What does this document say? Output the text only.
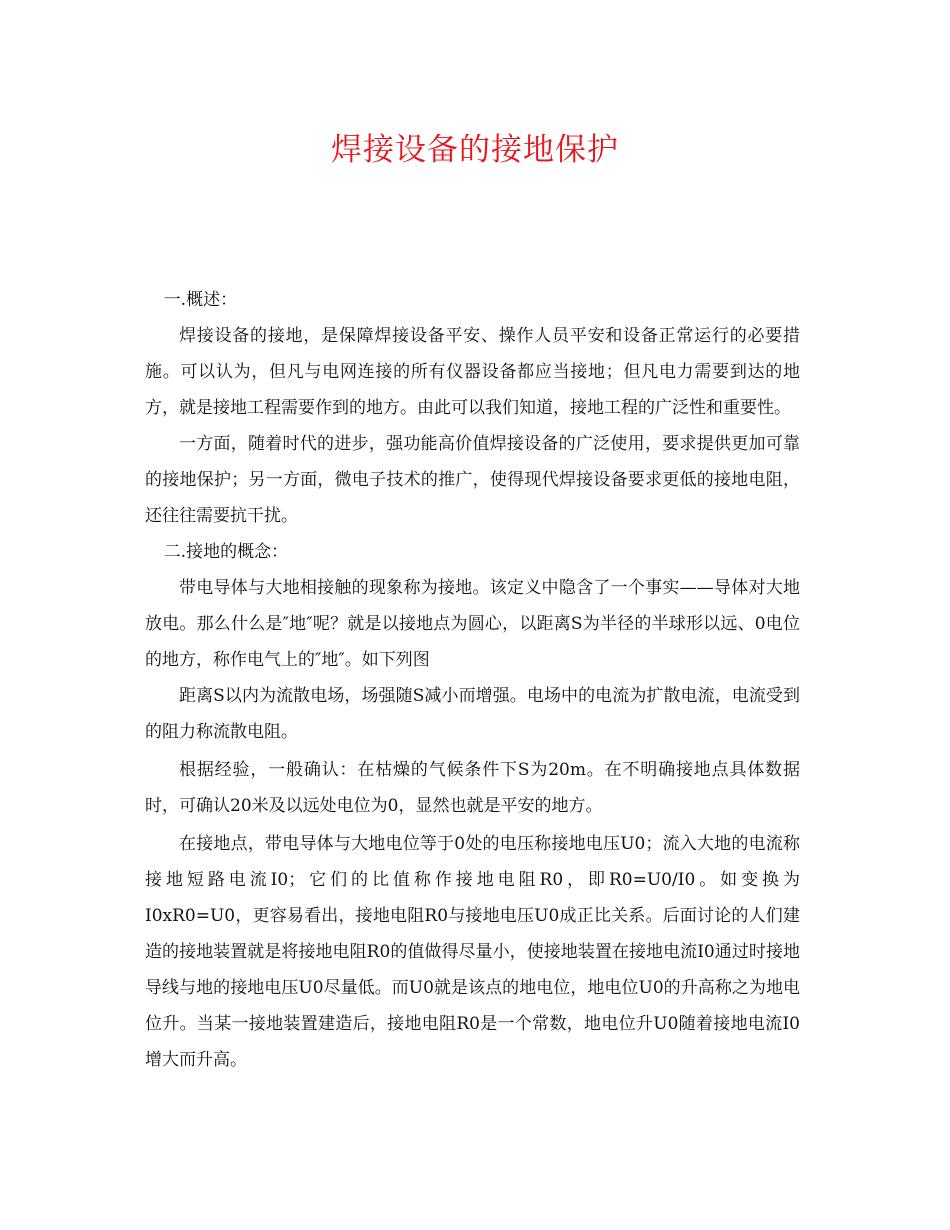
焊接设备的接地保护

一.概述：

焊接设备的接地，是保障焊接设备平安、操作人员平安和设备正常运行的必要措施。可以认为，但凡与电网连接的所有仪器设备都应当接地；但凡电力需要到达的地方，就是接地工程需要作到的地方。由此可以我们知道，接地工程的广泛性和重要性。

一方面，随着时代的进步，强功能高价值焊接设备的广泛使用，要求提供更加可靠的接地保护；另一方面，微电子技术的推广，使得现代焊接设备要求更低的接地电阻，还往往需要抗干扰。

二.接地的概念：

带电导体与大地相接触的现象称为接地。该定义中隐含了一个事实——导体对大地放电。那么什么是″地″呢？就是以接地点为圆心，以距离S为半径的半球形以远、0电位的地方，称作电气上的″地″。如下列图

距离S以内为流散电场，场强随S减小而增强。电场中的电流为扩散电流，电流受到的阻力称流散电阻。

根据经验，一般确认：在枯燥的气候条件下S为20m。在不明确接地点具体数据时，可确认20米及以远处电位为0，显然也就是平安的地方。

在接地点，带电导体与大地电位等于0处的电压称接地电压U0；流入大地的电流称接地短路电流I0；它们的比值称作接地电阻R0，即R0=U0/I0。如变换为I0xR0=U0，更容易看出，接地电阻R0与接地电压U0成正比关系。后面讨论的人们建造的接地装置就是将接地电阻R0的值做得尽量小，使接地装置在接地电流I0通过时接地导线与地的接地电压U0尽量低。而U0就是该点的地电位，地电位U0的升高称之为地电位升。当某一接地装置建造后，接地电阻R0是一个常数，地电位升U0随着接地电流I0增大而升高。
